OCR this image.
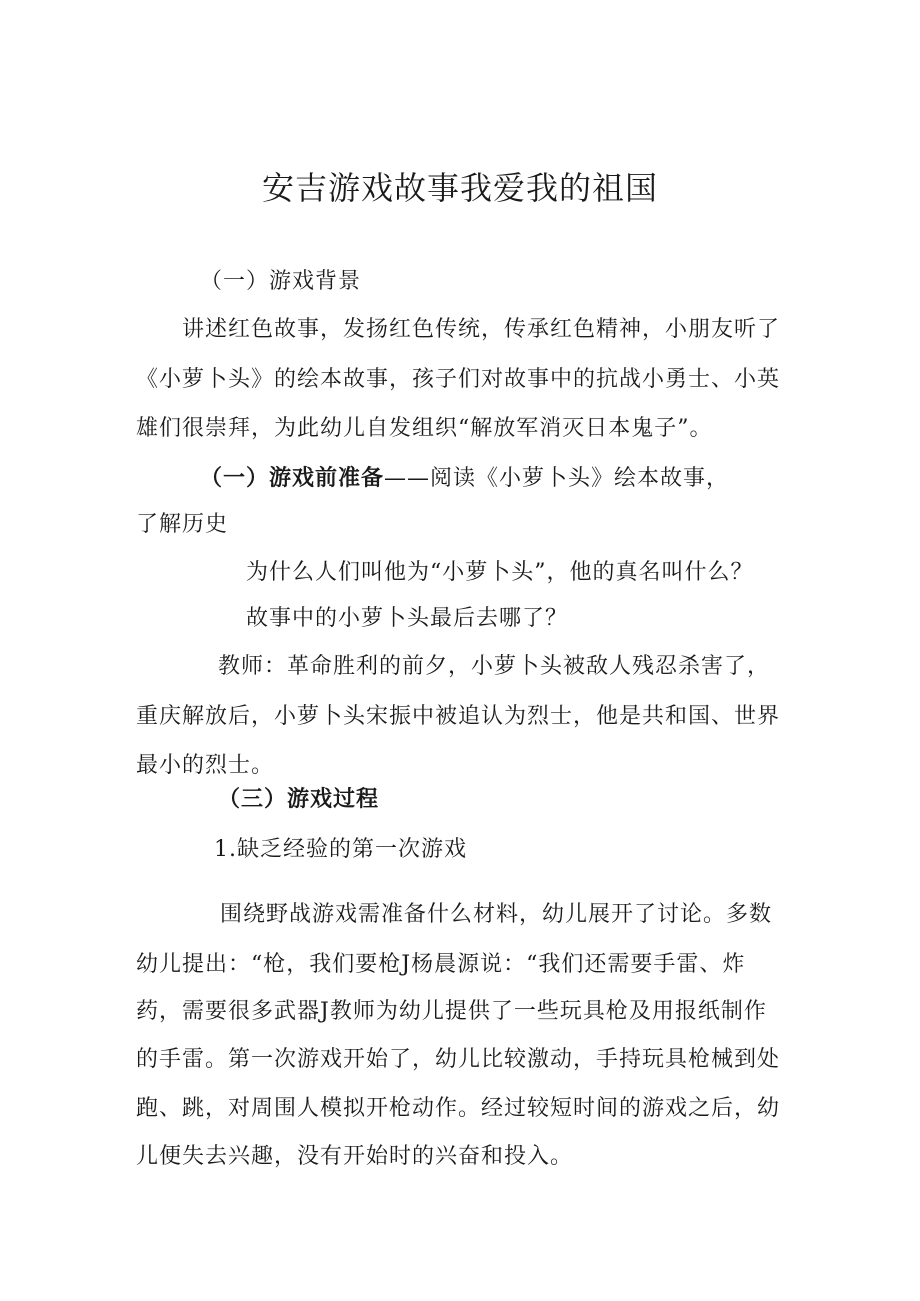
安吉游戏故事我爱我的祖国
（一）游戏背景
讲述红色故事，发扬红色传统，传承红色精神，小朋友听了
《小萝卜头》的绘本故事，孩子们对故事中的抗战小勇士、小英
雄们很崇拜，为此幼儿自发组织“解放军消灭日本鬼子”。
（一）游戏前准备——阅读《小萝卜头》绘本故事，
了解历史
为什么人们叫他为“小萝卜头”，他的真名叫什么？
故事中的小萝卜头最后去哪了？
教师：革命胜利的前夕，小萝卜头被敌人残忍杀害了，
重庆解放后，小萝卜头宋振中被追认为烈士，他是共和国、世界
最小的烈士。
（三）游戏过程
1.缺乏经验的第一次游戏
围绕野战游戏需准备什么材料，幼儿展开了讨论。多数
幼儿提出：“枪，我们要枪J杨晨源说：“我们还需要手雷、炸
药，需要很多武器J教师为幼儿提供了一些玩具枪及用报纸制作
的手雷。第一次游戏开始了，幼儿比较激动，手持玩具枪械到处
跑、跳，对周围人模拟开枪动作。经过较短时间的游戏之后，幼
儿便失去兴趣，没有开始时的兴奋和投入。
